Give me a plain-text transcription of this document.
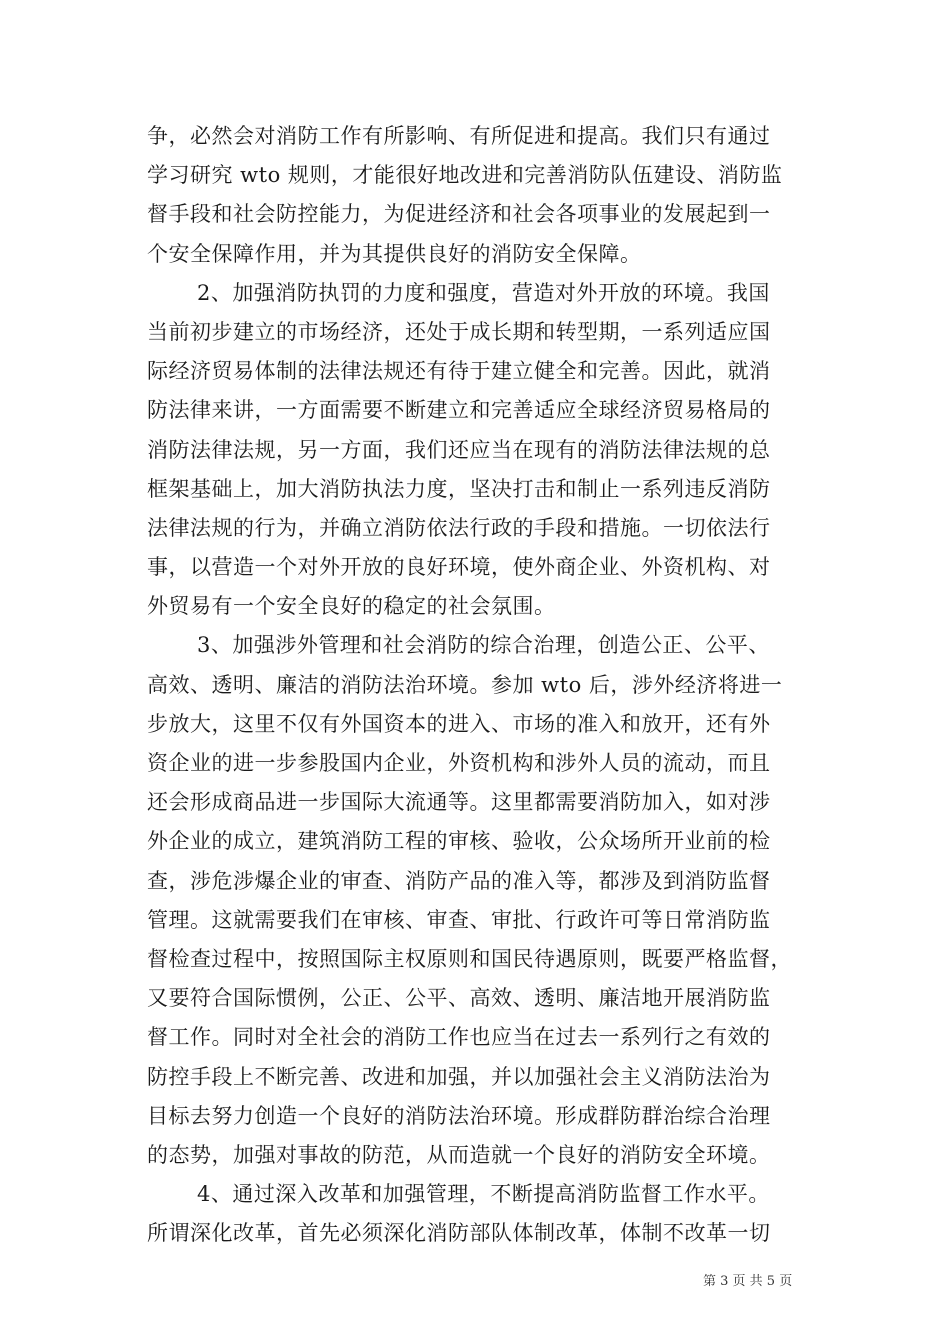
争，必然会对消防工作有所影响、有所促进和提高。我们只有通过
学习研究 wto 规则，才能很好地改进和完善消防队伍建设、消防监
督手段和社会防控能力，为促进经济和社会各项事业的发展起到一
个安全保障作用，并为其提供良好的消防安全保障。
2、加强消防执罚的力度和强度，营造对外开放的环境。我国
当前初步建立的市场经济，还处于成长期和转型期，一系列适应国
际经济贸易体制的法律法规还有待于建立健全和完善。因此，就消
防法律来讲，一方面需要不断建立和完善适应全球经济贸易格局的
消防法律法规，另一方面，我们还应当在现有的消防法律法规的总
框架基础上，加大消防执法力度，坚决打击和制止一系列违反消防
法律法规的行为，并确立消防依法行政的手段和措施。一切依法行
事，以营造一个对外开放的良好环境，使外商企业、外资机构、对
外贸易有一个安全良好的稳定的社会氛围。
3、加强涉外管理和社会消防的综合治理，创造公正、公平、
高效、透明、廉洁的消防法治环境。参加 wto 后，涉外经济将进一
步放大，这里不仅有外国资本的进入、市场的准入和放开，还有外
资企业的进一步参股国内企业，外资机构和涉外人员的流动，而且
还会形成商品进一步国际大流通等。这里都需要消防加入，如对涉
外企业的成立，建筑消防工程的审核、验收，公众场所开业前的检
查，涉危涉爆企业的审查、消防产品的准入等，都涉及到消防监督
管理。这就需要我们在审核、审查、审批、行政许可等日常消防监
督检查过程中，按照国际主权原则和国民待遇原则，既要严格监督，
又要符合国际惯例，公正、公平、高效、透明、廉洁地开展消防监
督工作。同时对全社会的消防工作也应当在过去一系列行之有效的
防控手段上不断完善、改进和加强，并以加强社会主义消防法治为
目标去努力创造一个良好的消防法治环境。形成群防群治综合治理
的态势，加强对事故的防范，从而造就一个良好的消防安全环境。
4、通过深入改革和加强管理，不断提高消防监督工作水平。
所谓深化改革，首先必须深化消防部队体制改革，体制不改革一切
第 3 页 共 5 页
